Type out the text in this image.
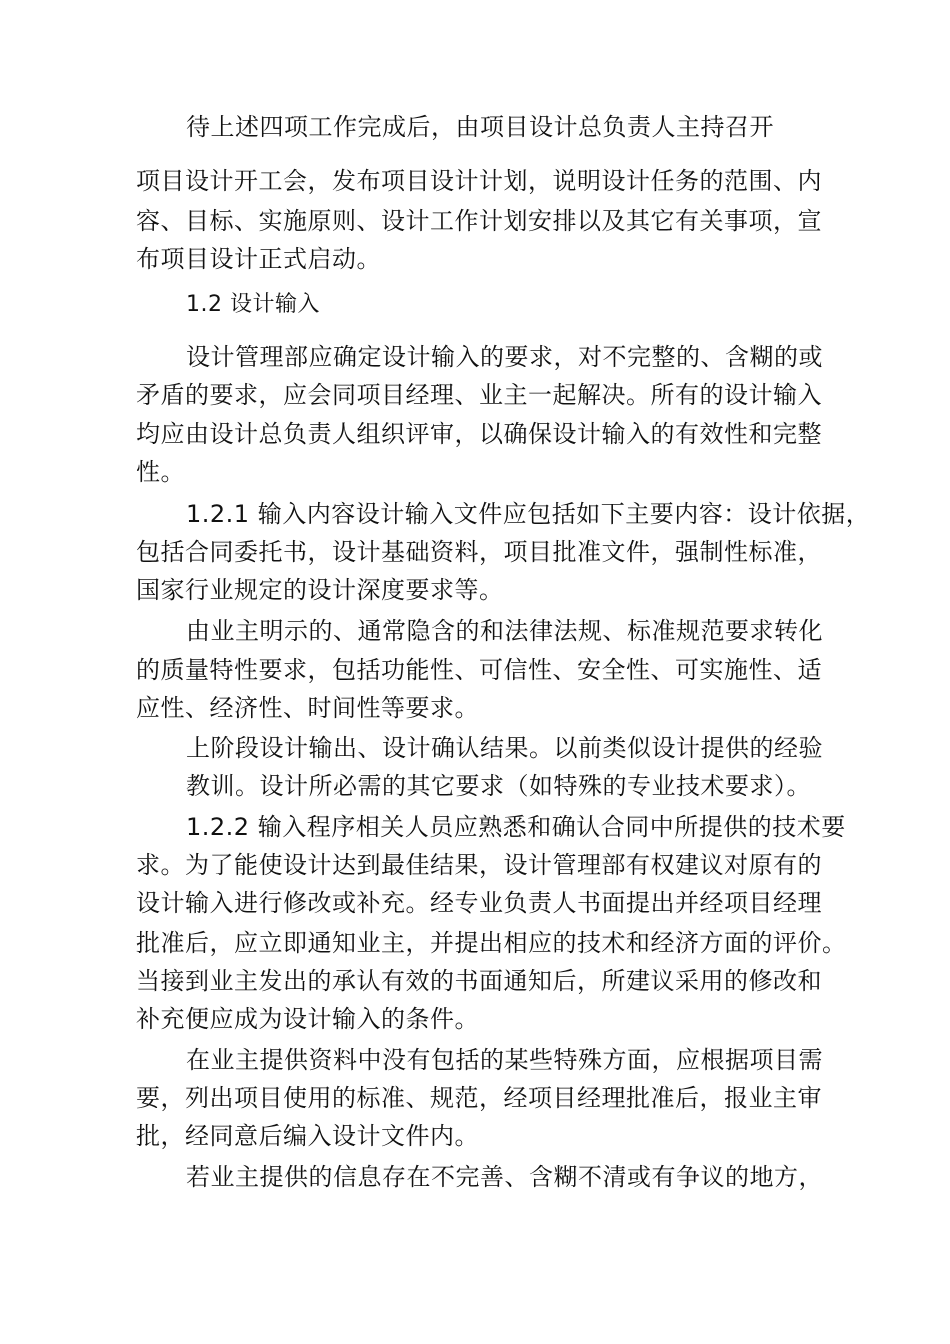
待上述四项工作完成后，由项目设计总负责人主持召开
项目设计开工会，发布项目设计计划，说明设计任务的范围、内
容、目标、实施原则、设计工作计划安排以及其它有关事项，宣
布项目设计正式启动。
1.2 设计输入
设计管理部应确定设计输入的要求，对不完整的、含糊的或
矛盾的要求，应会同项目经理、业主一起解决。所有的设计输入
均应由设计总负责人组织评审，以确保设计输入的有效性和完整
性。
1.2.1 输入内容设计输入文件应包括如下主要内容：设计依据，
包括合同委托书，设计基础资料，项目批准文件，强制性标准，
国家行业规定的设计深度要求等。
由业主明示的、通常隐含的和法律法规、标准规范要求转化
的质量特性要求，包括功能性、可信性、安全性、可实施性、适
应性、经济性、时间性等要求。
上阶段设计输出、设计确认结果。以前类似设计提供的经验
教训。设计所必需的其它要求（如特殊的专业技术要求）。
1.2.2 输入程序相关人员应熟悉和确认合同中所提供的技术要
求。为了能使设计达到最佳结果，设计管理部有权建议对原有的
设计输入进行修改或补充。经专业负责人书面提出并经项目经理
批准后，应立即通知业主，并提出相应的技术和经济方面的评价。
当接到业主发出的承认有效的书面通知后，所建议采用的修改和
补充便应成为设计输入的条件。
在业主提供资料中没有包括的某些特殊方面，应根据项目需
要，列出项目使用的标准、规范，经项目经理批准后，报业主审
批，经同意后编入设计文件内。
若业主提供的信息存在不完善、含糊不清或有争议的地方，
